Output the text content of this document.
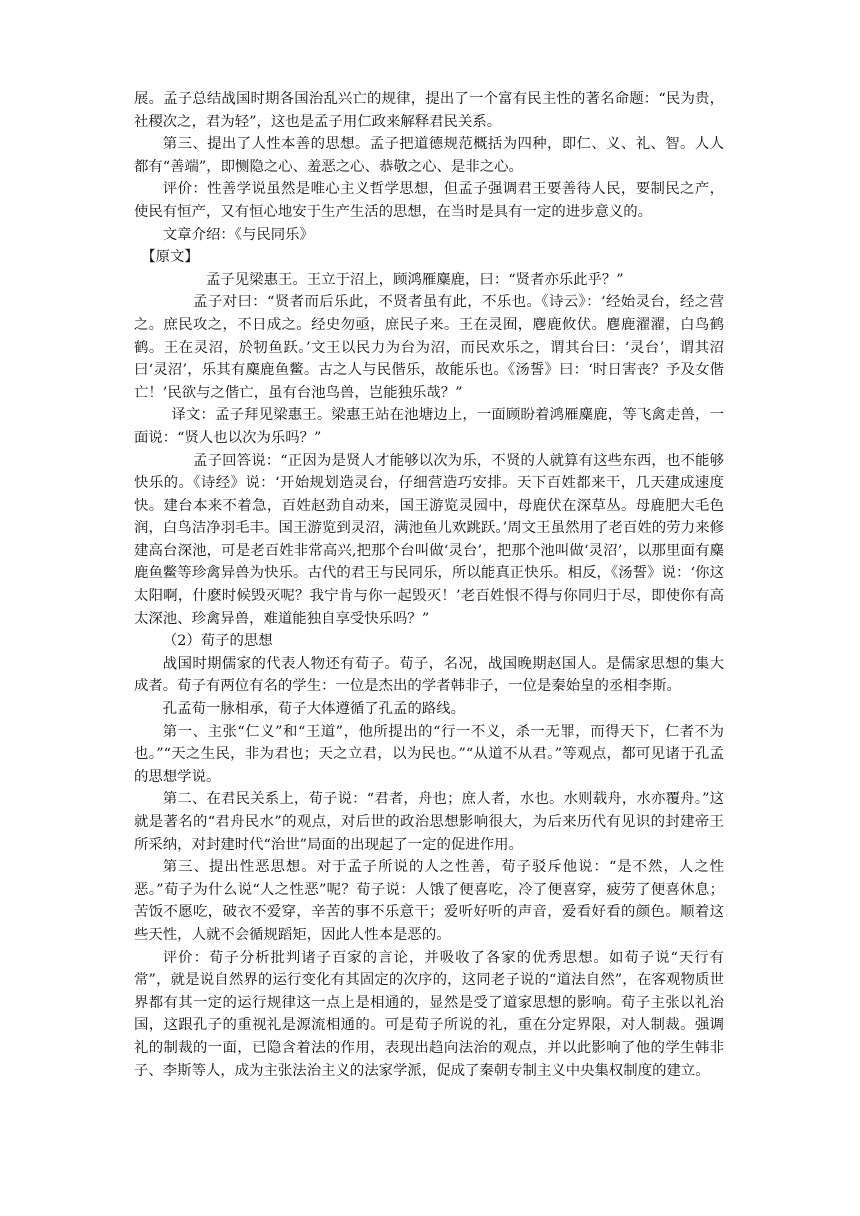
展。孟子总结战国时期各国治乱兴亡的规律，提出了一个富有民主性的著名命题：“民为贵，社稷次之，君为轻”，这也是孟子用仁政来解释君民关系。

第三、提出了人性本善的思想。孟子把道德规范概括为四种，即仁、义、礼、智。人人都有“善端”，即恻隐之心、羞恶之心、恭敬之心、是非之心。

评价：性善学说虽然是唯心主义哲学思想，但孟子强调君王要善待人民，要制民之产，使民有恒产，又有恒心地安于生产生活的思想，在当时是具有一定的进步意义的。

文章介绍：《与民同乐》

【原文】

孟子见梁惠王。王立于沼上，顾鸿雁麋鹿，曰：“贤者亦乐此乎？”

孟子对曰：“贤者而后乐此，不贤者虽有此，不乐也。《诗云》：‘经始灵台，经之营之。庶民攻之，不日成之。经史勿亟，庶民子来。王在灵囿，麀鹿攸伏。麀鹿濯濯，白鸟鹤鹤。王在灵沼，於牣鱼跃。’文王以民力为台为沼，而民欢乐之，谓其台曰：‘灵台’，谓其沼曰‘灵沼’，乐其有麋鹿鱼鳖。古之人与民偕乐，故能乐也。《汤誓》曰：‘时日害丧？予及女偕亡！’民欲与之偕亡，虽有台池鸟兽，岂能独乐哉？”

译文：孟子拜见梁惠王。梁惠王站在池塘边上，一面顾盼着鸿雁麋鹿，等飞禽走兽，一面说：“贤人也以次为乐吗？”

孟子回答说：“正因为是贤人才能够以次为乐，不贤的人就算有这些东西，也不能够快乐的。《诗经》说：‘开始规划造灵台，仔细营造巧安排。天下百姓都来干，几天建成速度快。建台本来不着急，百姓赵劲自动来，国王游览灵园中，母鹿伏在深草丛。母鹿肥大毛色润，白鸟洁净羽毛丰。国王游览到灵沼，满池鱼儿欢跳跃。’周文王虽然用了老百姓的劳力来修建高台深池，可是老百姓非常高兴,把那个台叫做‘灵台’，把那个池叫做‘灵沼’，以那里面有麋鹿鱼鳖等珍禽异兽为快乐。古代的君王与民同乐，所以能真正快乐。相反，《汤誓》说：‘你这太阳啊，什麽时候毁灭呢？我宁肯与你一起毁灭！’老百姓恨不得与你同归于尽，即使你有高太深池、珍禽异兽，难道能独自享受快乐吗？”

（2）荀子的思想

战国时期儒家的代表人物还有荀子。荀子，名况，战国晚期赵国人。是儒家思想的集大成者。荀子有两位有名的学生：一位是杰出的学者韩非子，一位是秦始皇的丞相李斯。

孔孟荀一脉相承，荀子大体遵循了孔孟的路线。

第一、主张“仁义”和“王道”，他所提出的“行一不义，杀一无罪，而得天下，仁者不为也。”“天之生民，非为君也；天之立君，以为民也。”“从道不从君。”等观点，都可见诸于孔孟的思想学说。

第二、在君民关系上，荀子说：“君者，舟也；庶人者，水也。水则载舟，水亦覆舟。”这就是著名的“君舟民水”的观点，对后世的政治思想影响很大，为后来历代有见识的封建帝王所采纳，对封建时代“治世”局面的出现起了一定的促进作用。

第三、提出性恶思想。对于孟子所说的人之性善，荀子驳斥他说：“是不然，人之性恶。”荀子为什么说“人之性恶”呢？荀子说：人饿了便喜吃，冷了便喜穿，疲劳了便喜休息；苦饭不愿吃，破衣不爱穿，辛苦的事不乐意干；爱听好听的声音，爱看好看的颜色。顺着这些天性，人就不会循规蹈矩，因此人性本是恶的。

评价：荀子分析批判诸子百家的言论，并吸收了各家的优秀思想。如荀子说“天行有常”，就是说自然界的运行变化有其固定的次序的，这同老子说的“道法自然”，在客观物质世界都有其一定的运行规律这一点上是相通的，显然是受了道家思想的影响。荀子主张以礼治国，这跟孔子的重视礼是源流相通的。可是荀子所说的礼，重在分定界限，对人制裁。强调礼的制裁的一面，已隐含着法的作用，表现出趋向法治的观点，并以此影响了他的学生韩非子、李斯等人，成为主张法治主义的法家学派，促成了秦朝专制主义中央集权制度的建立。
